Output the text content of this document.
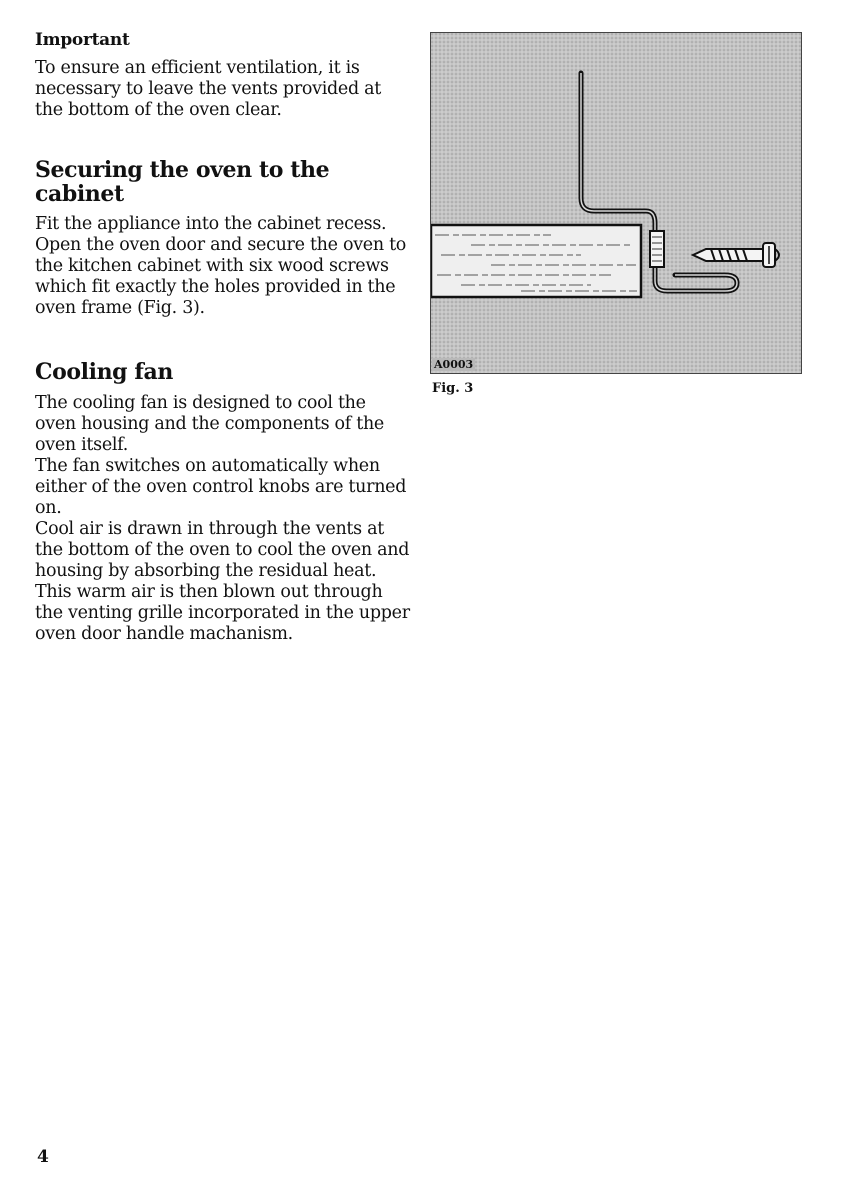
Important

To ensure an efficient ventilation, it is necessary to leave the vents provided at the bottom of the oven clear.

Securing the oven to the cabinet

Fit the appliance into the cabinet recess. Open the oven door and secure the oven to the kitchen cabinet with six wood screws which fit exactly the holes provided in the oven frame (Fig. 3).

Cooling fan

The cooling fan is designed to cool the oven housing and the components of the oven itself.

The fan switches on automatically when either of the oven control knobs are turned on.

Cool air is drawn in through the vents at the bottom of the oven to cool the oven and housing by absorbing the residual heat. This warm air is then blown out through the venting grille incorporated in the upper oven door handle machanism.

A0003
Fig. 3
4
